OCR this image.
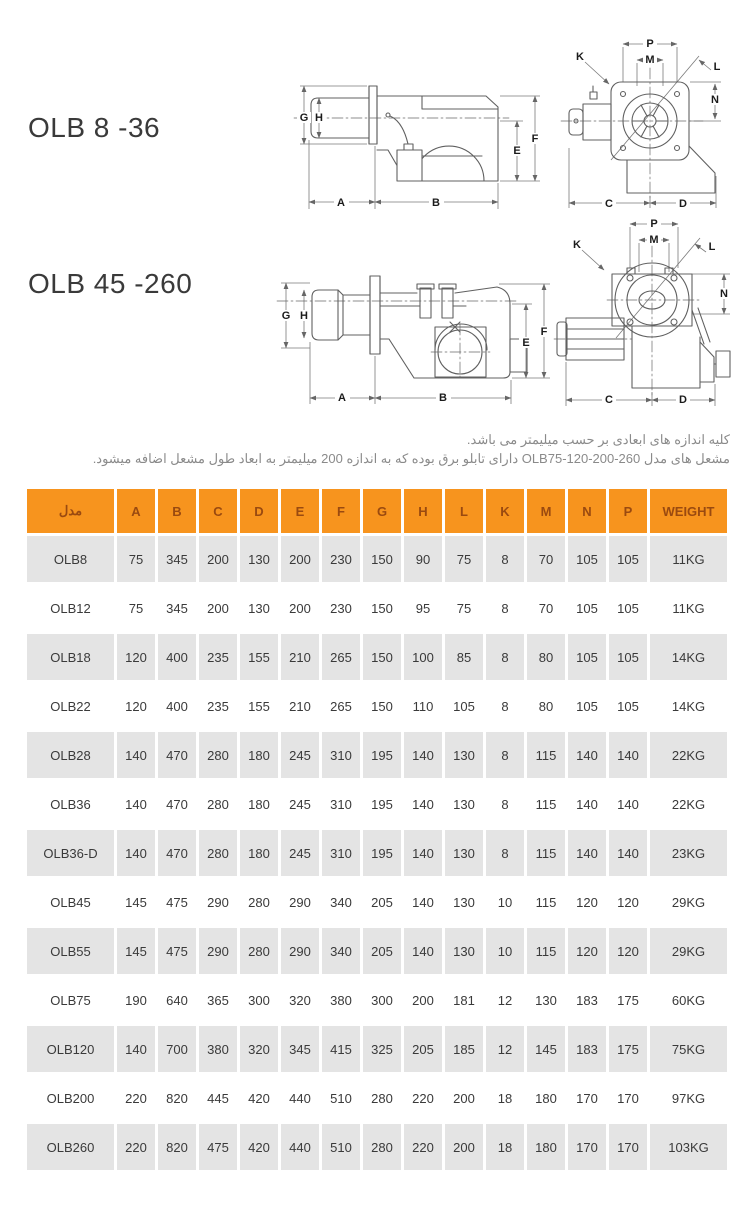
OLB 8 -36	G H
A	B
E
F
P
M
K
L
N
C	D
OLB 45 -260
G H
A	B
E
F
P
M
K	L
N
C	D
کلیه اندازه های ابعادی بر حسب میلیمتر می باشد.
مشعل های مدل OLB75-120-200-260 دارای تابلو برق بوده که به اندازه 200 میلیمتر به ابعاد طول مشعل اضافه میشود.
مدل	A	B	C	D	E	F	G	H	L	K	M	N	P	WEIGHT
OLB8	75	345	200	130	200	230	150	90	75	8	70	105	105	11KG
OLB12	75	345	200	130	200	230	150	95	75	8	70	105	105	11KG
OLB18	120	400	235	155	210	265	150	100	85	8	80	105	105	14KG
OLB22	120	400	235	155	210	265	150	110	105	8	80	105	105	14KG
OLB28	140	470	280	180	245	310	195	140	130	8	115	140	140	22KG
OLB36	140	470	280	180	245	310	195	140	130	8	115	140	140	22KG
OLB36-D	140	470	280	180	245	310	195	140	130	8	115	140	140	23KG
OLB45	145	475	290	280	290	340	205	140	130	10	115	120	120	29KG
OLB55	145	475	290	280	290	340	205	140	130	10	115	120	120	29KG
OLB75	190	640	365	300	320	380	300	200	181	12	130	183	175	60KG
OLB120	140	700	380	320	345	415	325	205	185	12	145	183	175	75KG
OLB200	220	820	445	420	440	510	280	220	200	18	180	170	170	97KG
OLB260	220	820	475	420	440	510	280	220	200	18	180	170	170	103KG
